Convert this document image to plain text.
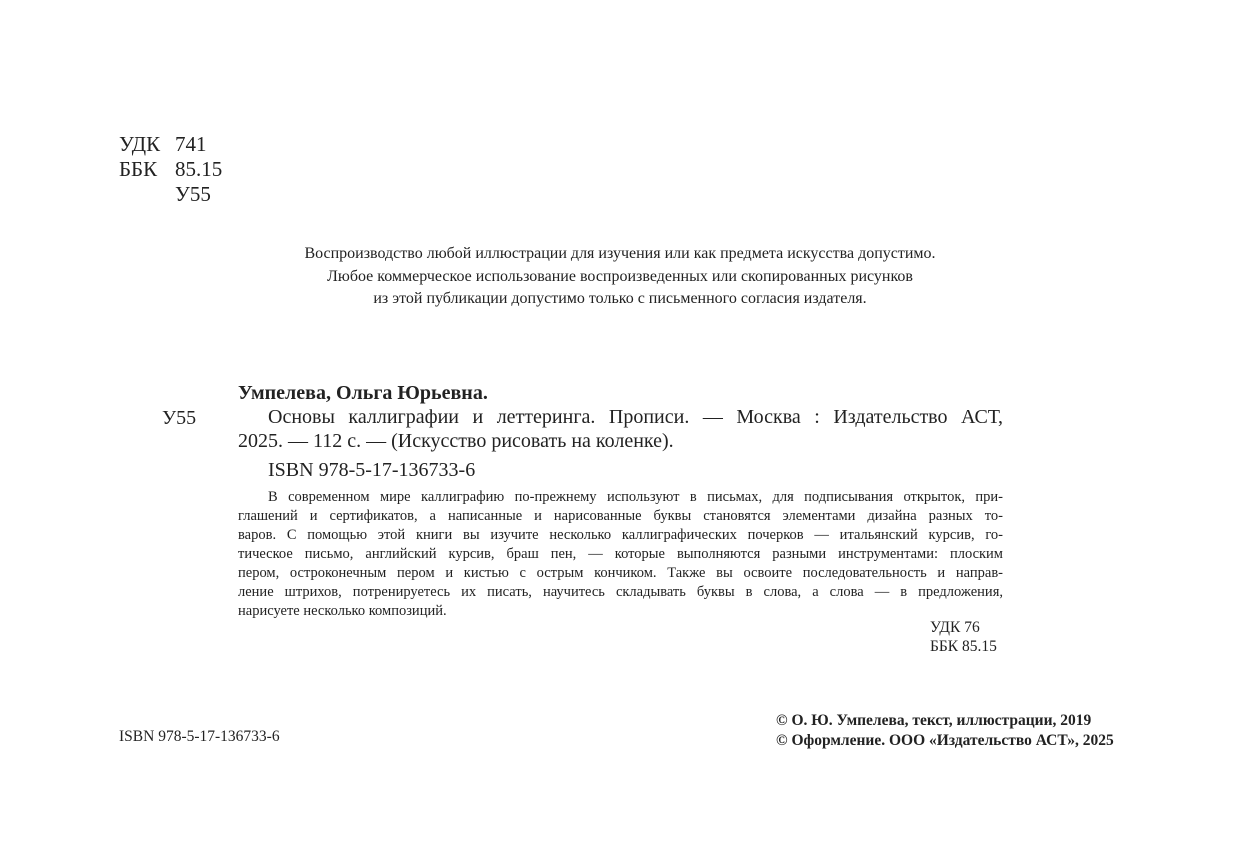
УДК 741
ББК 85.15
У55
Воспроизводство любой иллюстрации для изучения или как предмета искусства допустимо.
Любое коммерческое использование воспроизведенных или скопированных рисунков
из этой публикации допустимо только с письменного согласия издателя.
У55
Умпелева, Ольга Юрьевна.
Основы каллиграфии и леттеринга. Прописи. — Москва : Издательство АСТ,
2025. — 112 с. — (Искусство рисовать на коленке).
ISBN 978-5-17-136733-6
В современном мире каллиграфию по-прежнему используют в письмах, для подписывания открыток, при-
глашений и сертификатов, а написанные и нарисованные буквы становятся элементами дизайна разных то-
варов. С помощью этой книги вы изучите несколько каллиграфических почерков — итальянский курсив, го-
тическое письмо, английский курсив, браш пен, — которые выполняются разными инструментами: плоским
пером, остроконечным пером и кистью с острым кончиком. Также вы освоите последовательность и направ-
ление штрихов, потренируетесь их писать, научитесь складывать буквы в слова, а слова — в предложения,
нарисуете несколько композиций.
УДК 76
ББК 85.15
ISBN 978-5-17-136733-6
© О. Ю. Умпелева, текст, иллюстрации, 2019
© Оформление. ООО «Издательство АСТ», 2025
